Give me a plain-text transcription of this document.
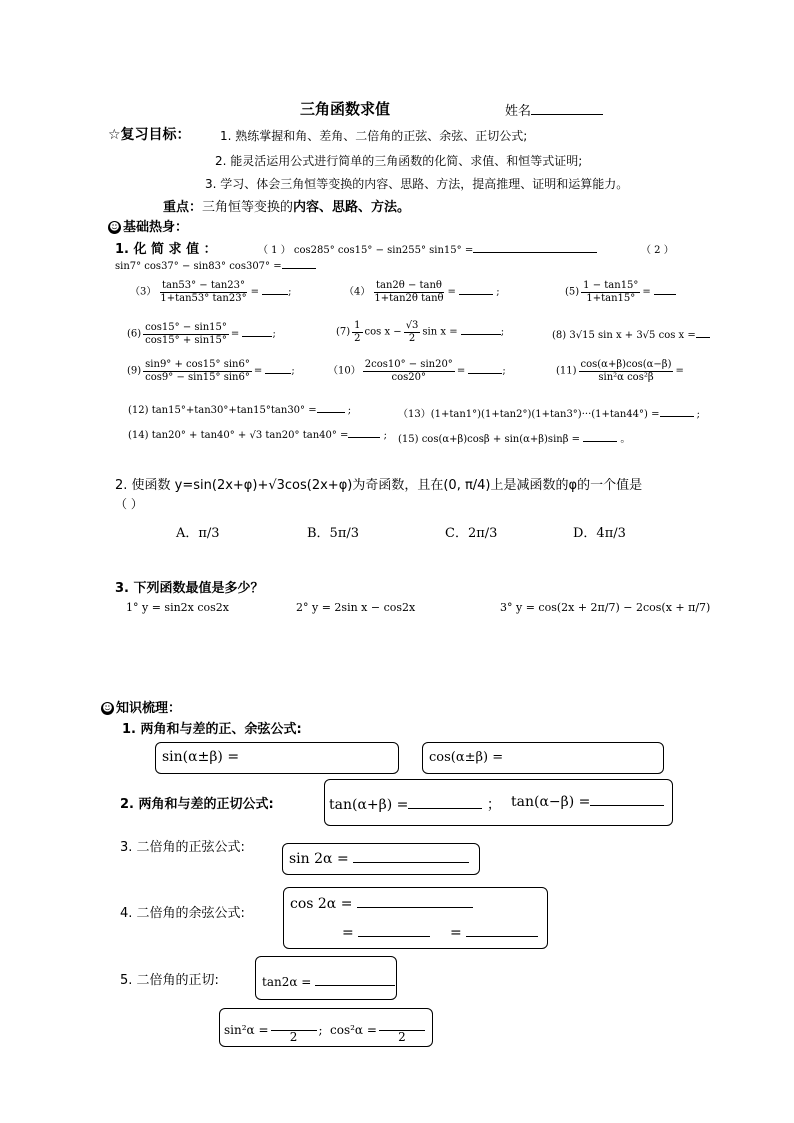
三角函数求值	姓名
☆复习目标： 1. 熟练掌握和角、差角、二倍角的正弦、余弦、正切公式;
2. 能灵活运用公式进行简单的三角函数的化简、求值、和恒等式证明;
3. 学习、体会三角恒等变换的内容、思路、方法，提高推理、证明和运算能力。
重点：三角恒等变换的内容、思路、方法。
☻ 基础热身：
1. 化 简 求 值 ：	（ 1 ） cos285° cos15° − sin255° sin15° =	（ 2 ）
sin7° cos37° − sin83° cos307° =
$(3) \frac{\tan 53^\circ - \tan 23^\circ}{1+\tan 53^\circ \tan 23^\circ}$ =	;	$(4) \frac{\tan 2\theta - \tan\theta}{\text{1+tan2θ tanθ}}$ =	;	$(5) \frac{1 - \tan 15^\circ}{1+\tan 15^\circ}$ =
$(6) \frac{\cos 15^\circ - \sin 15^\circ}{\cos 15^\circ + \sin 15^\circ}$ =	;	$(7) \frac{1}{2}$ $\cos x - \frac{√3}{2}$ sin x =	;	(8) 3√15 sin x + 3√5 cos x =
$(9) \frac{\sin 9^\circ + \cos 15^\circ \sin 6^\circ}{\cos 9^\circ - \sin 15^\circ \sin 6^\circ}$ =	;	$(10) \frac{2\cos 10^\circ - \sin 20^\circ}{\cos 20^\circ}$ =	;	$(11) \frac{\cos(\alpha+\beta)\cos(\alpha-\beta)}{\text{sin²α cos²β}}$ =
(12) tan15°+tan30°+tan15°tan30° =	;	（13）(1+tan1°)(1+tan2°)(1+tan3°)···(1+tan44°) =	;
(14) tan20° + tan40° + √3 tan20° tan40° =	; (15) cos(α+β)cosβ + sin(α+β)sinβ =	。
2. 使函数 y=sin(2x+φ)+√3cos(2x+φ)为奇函数，且在(0, π/4)上是减函数的φ的一个值是
（ ）
A．π/3	B．5π/3	C．2π/3	D．4π/3
3. 下列函数最值是多少？
1° y = sin2x cos2x	2° y = 2sin x − cos2x	3° y = cos(2x + 2π/7) − 2cos(x + π/7)
☻ 知识梳理：
1. 两角和与差的正、余弦公式:
sin(α±β) =	cos(α±β) =
2. 两角和与差的正切公式:	tan(α+β) =	； tan(α−β) =
3. 二倍角的正弦公式:
sin 2α =
4. 二倍角的余弦公式:
cos 2α =
=	=
5. 二倍角的正切:	tan2α =
sin²α = 2 ; cos²α = 2
